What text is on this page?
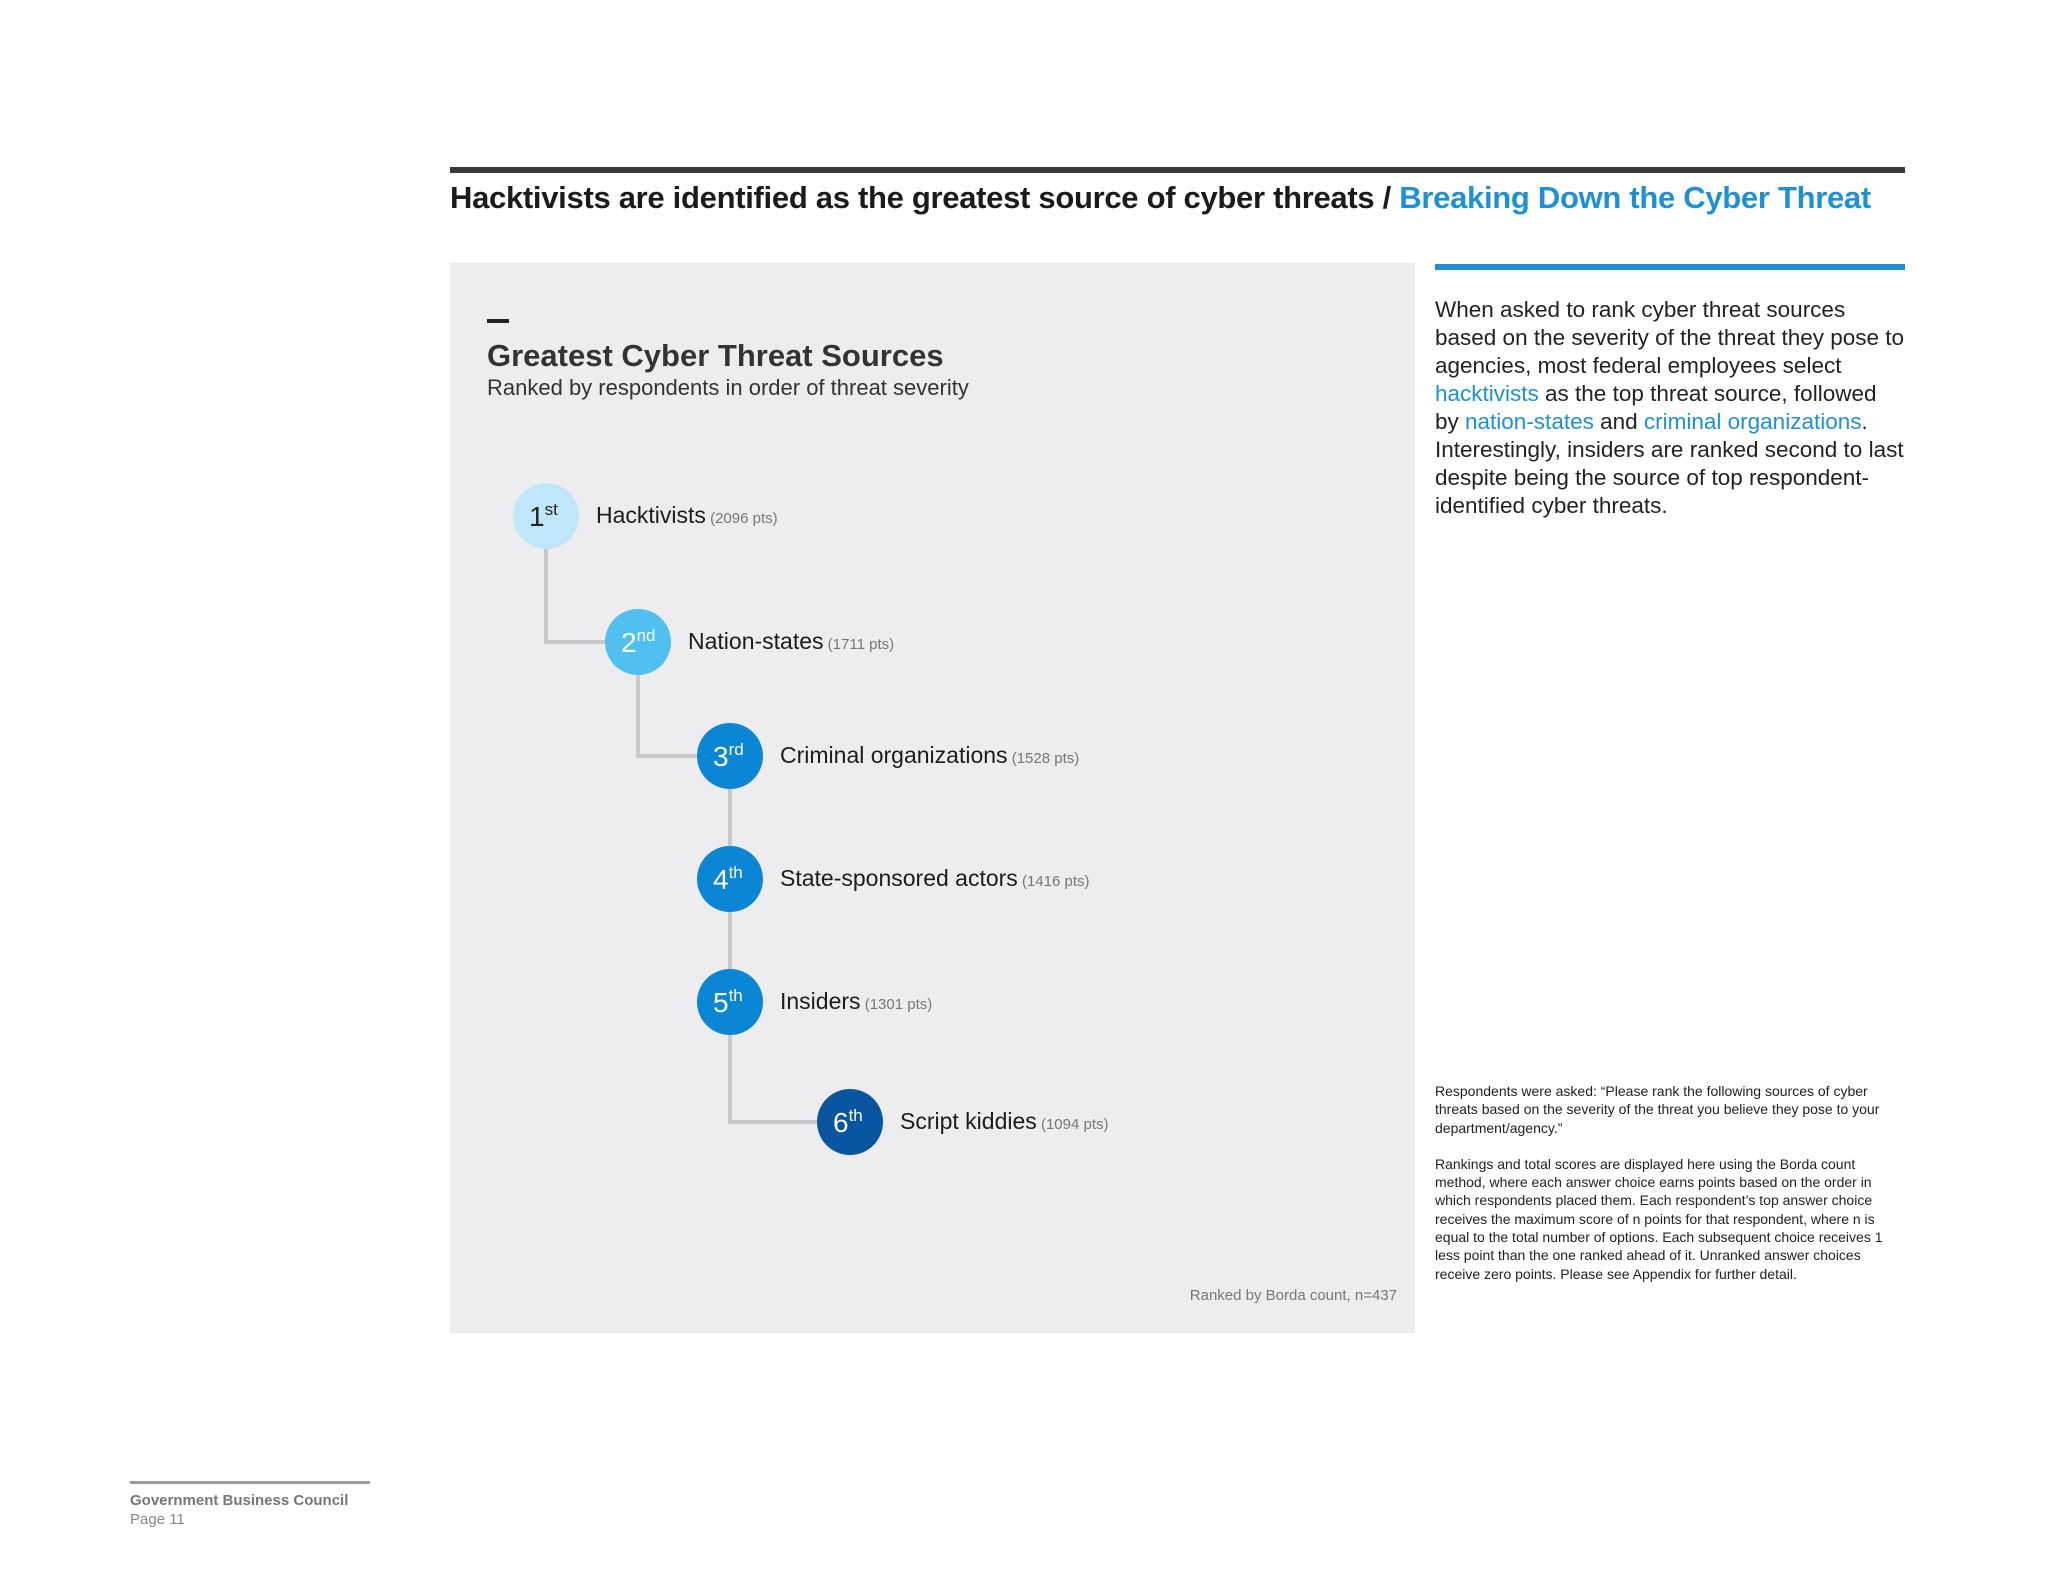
Hacktivists are identified as the greatest source of cyber threats / Breaking Down the Cyber Threat
Greatest Cyber Threat Sources
Ranked by respondents in order of threat severity
1st
2nd
3rd
4th
5th
6th
Ranked by Borda count, n=437
Hacktivists (2096 pts)
Nation-states (1711 pts)
Criminal organizations (1528 pts)
State-sponsored actors (1416 pts)
Insiders (1301 pts)
Script kiddies (1094 pts)
When asked to rank cyber threat sources based on the severity of the threat they pose to agencies, most federal employees select hacktivists as the top threat source, followed by nation-states and criminal organizations. Interestingly, insiders are ranked second to last despite being the source of top respondent-identified cyber threats.

Respondents were asked: “Please rank the following sources of cyber threats based on the severity of the threat you believe they pose to your department/agency.”

Rankings and total scores are displayed here using the Borda count method, where each answer choice earns points based on the order in which respondents placed them. Each respondent’s top answer choice receives the maximum score of n points for that respondent, where n is equal to the total number of options. Each subsequent choice receives 1 less point than the one ranked ahead of it. Unranked answer choices receive zero points. Please see Appendix for further detail.

Government Business Council
Page 11
